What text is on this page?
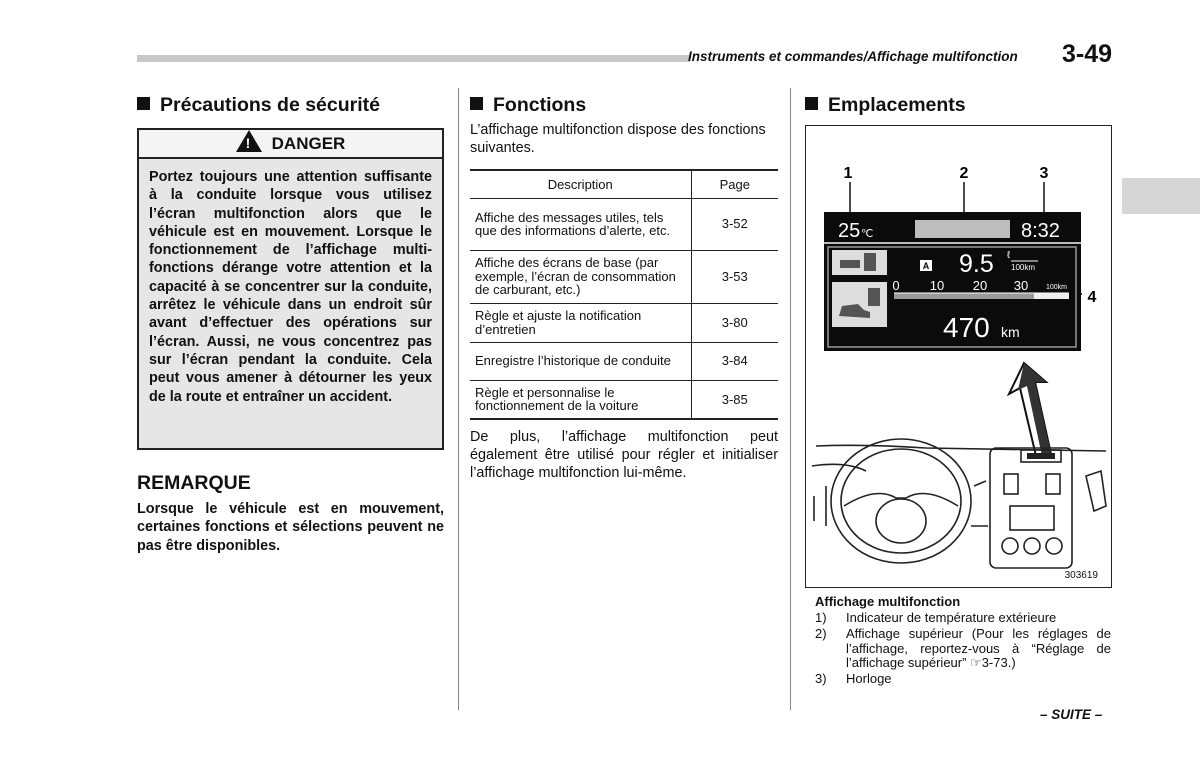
Instruments et commandes/Affichage multifonction 3-49
Précautions de sécurité
! DANGER
Portez toujours une attention suffisante à la conduite lorsque vous utilisez l’écran multifonction alors que le véhicule est en mouvement. Lorsque le fonctionnement de l’affichage multi-fonctions dérange votre attention et la capacité à se concentrer sur la conduite, arrêtez le véhicule dans un endroit sûr avant d’effectuer des opérations sur l’écran. Aussi, ne vous concentrez pas sur l’écran pendant la conduite. Cela peut vous amener à détourner les yeux de la route et entraîner un accident.
REMARQUE
Lorsque le véhicule est en mouvement, certaines fonctions et sélections peuvent ne pas être disponibles.
Fonctions
L’affichage multifonction dispose des fonctions suivantes.
Description	Page
Affiche des messages utiles, tels que des informations d’alerte, etc.	3-52
Affiche des écrans de base (par exemple, l’écran de consommation de carburant, etc.)	3-53
Règle et ajuste la notification d’entretien	3-80
Enregistre l’historique de conduite	3-84
Règle et personnalise le fonctionnement de la voiture	3-85
De plus, l’affichage multifonction peut également être utilisé pour régler et initialiser l’affichage multifonction lui-même.
Emplacements
1	2	3
4
25 ℃	8:32
A 9.5 ℓ
100km
0 10 20 30	100km
470 km
303619
Affichage multifonction
1)	Indicateur de température extérieure
2)	Affichage supérieur (Pour les réglages de l’affichage, reportez-vous à “Réglage de l’affichage supérieur” ☞3-73.)
3)	Horloge
– SUITE –
